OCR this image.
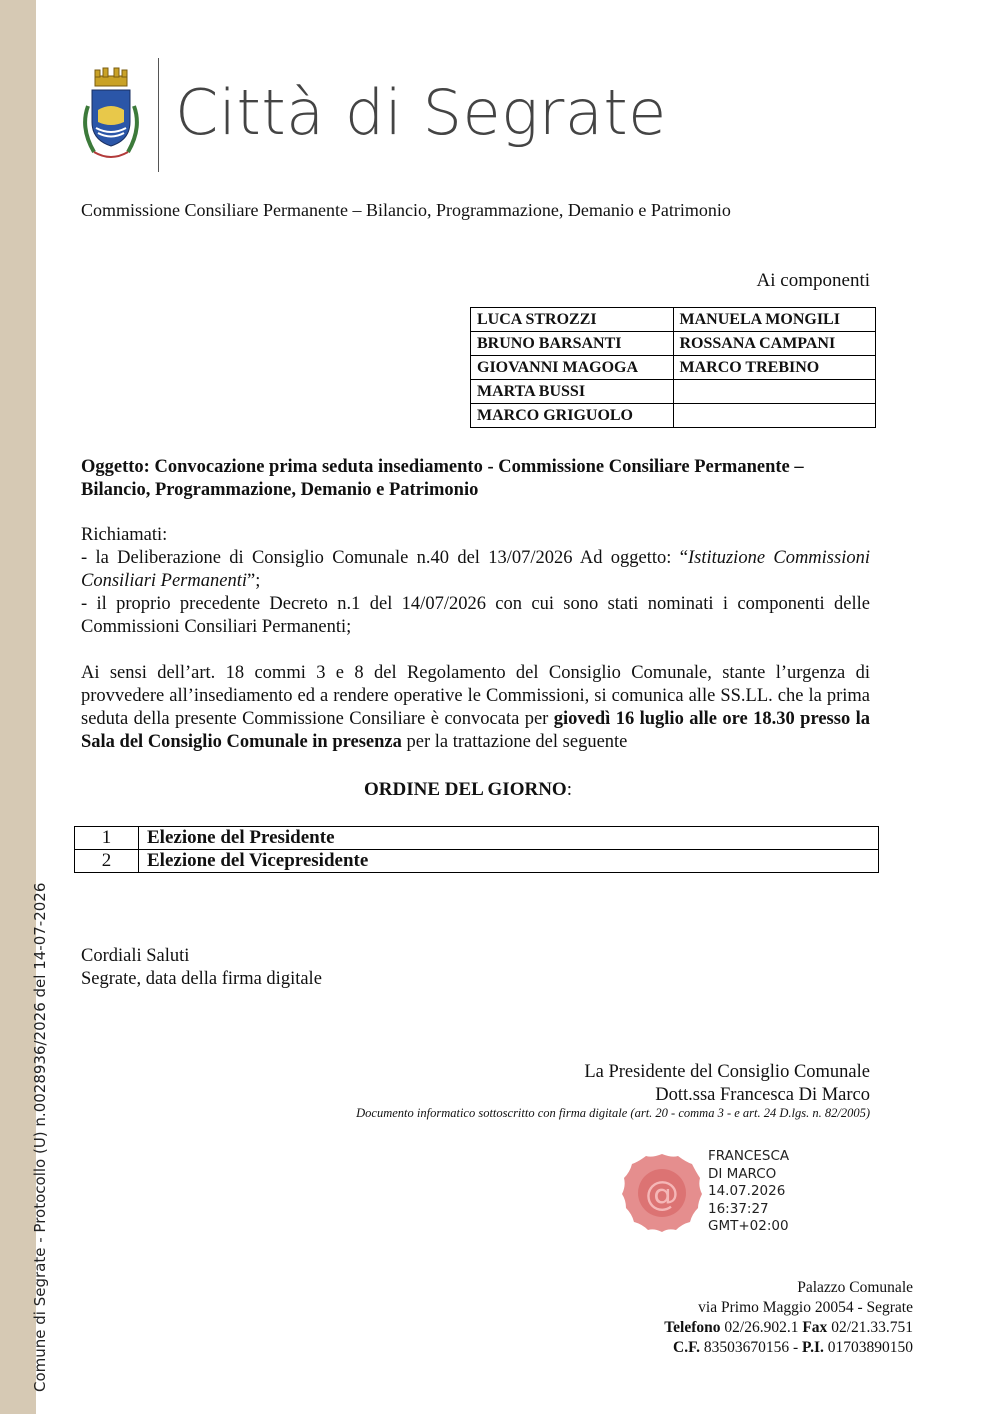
Comune di Segrate - Protocollo (U) n.0028936/2026 del 14-07-2026
Città di Segrate
Commissione Consiliare Permanente – Bilancio, Programmazione, Demanio e Patrimonio
Ai componenti
LUCA STROZZI	MANUELA MONGILI
BRUNO BARSANTI	ROSSANA CAMPANI
GIOVANNI MAGOGA	MARCO TREBINO
MARTA BUSSI	
MARCO GRIGUOLO	
Oggetto: Convocazione prima seduta insediamento - Commissione Consiliare Permanente – Bilancio, Programmazione, Demanio e Patrimonio

Richiamati:

- la Deliberazione di Consiglio Comunale n.40 del 13/07/2026 Ad oggetto: “Istituzione Commissioni Consiliari Permanenti”;

- il proprio precedente Decreto n.1 del 14/07/2026 con cui sono stati nominati i componenti delle Commissioni Consiliari Permanenti;

Ai sensi dell’art. 18 commi 3 e 8 del Regolamento del Consiglio Comunale, stante l’urgenza di provvedere all’insediamento ed a rendere operative le Commissioni, si comunica alle SS.LL. che la prima seduta della presente Commissione Consiliare è convocata per giovedì 16 luglio alle ore 18.30 presso la Sala del Consiglio Comunale in presenza per la trattazione del seguente

ORDINE DEL GIORNO:
1	Elezione del Presidente
2	Elezione del Vicepresidente
Cordiali Saluti
Segrate, data della firma digitale
La Presidente del Consiglio Comunale
Dott.ssa Francesca Di Marco
Documento informatico sottoscritto con firma digitale (art. 20 - comma 3 - e art. 24 D.lgs. n. 82/2005)
@
FRANCESCA
DI MARCO
14.07.2026
16:37:27
GMT+02:00
Palazzo Comunale
via Primo Maggio 20054 - Segrate
Telefono 02/26.902.1 Fax 02/21.33.751
C.F. 83503670156 - P.I. 01703890150
